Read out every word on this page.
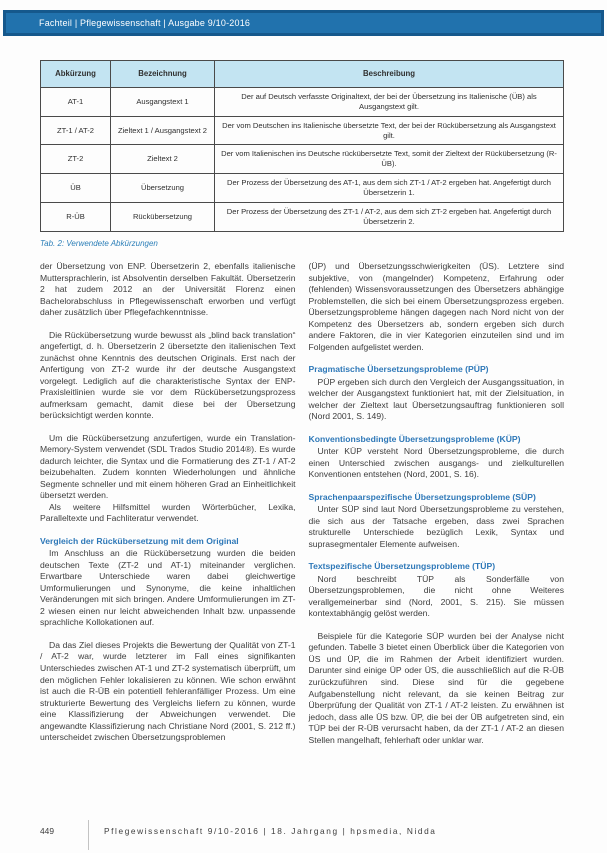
Fachteil | Pflegewissenschaft | Ausgabe 9/10-2016
Abkürzung	Bezeichnung	Beschreibung
AT-1	Ausgangstext 1	Der auf Deutsch verfasste Originaltext, der bei der Übersetzung ins Italienische (ÜB) als Ausgangstext gilt.
ZT-1 / AT-2	Zieltext 1 / Ausgangstext 2	Der vom Deutschen ins Italienische übersetzte Text, der bei der Rückübersetzung als Ausgangstext gilt.
ZT-2	Zieltext 2	Der vom Italienischen ins Deutsche rückübersetzte Text, somit der Zieltext der Rückübersetzung (R-ÜB).
ÜB	Übersetzung	Der Prozess der Übersetzung des AT-1, aus dem sich ZT-1 / AT-2 ergeben hat. Angefertigt durch Übersetzerin 1.
R-ÜB	Rückübersetzung	Der Prozess der Übersetzung des ZT-1 / AT-2, aus dem sich ZT-2 ergeben hat. Angefertigt durch Übersetzerin 2.
Tab. 2: Verwendete Abkürzungen

der Übersetzung von ENP. Übersetzerin 2, ebenfalls italienische Muttersprachlerin, ist Absolventin derselben Fakultät. Übersetzerin 2 hat zudem 2012 an der Universität Florenz einen Bachelorabschluss in Pflegewissenschaft erworben und verfügt daher zusätzlich über Pflegefachkenntnisse.

Die Rückübersetzung wurde bewusst als „blind back translation“ angefertigt, d. h. Übersetzerin 2 übersetzte den italienischen Text zunächst ohne Kenntnis des deutschen Originals. Erst nach der Anfertigung von ZT-2 wurde ihr der deutsche Ausgangstext vorgelegt. Lediglich auf die charakteristische Syntax der ENP-Praxisleitlinien wurde sie vor dem Rückübersetzungsprozess aufmerksam gemacht, damit diese bei der Übersetzung berücksichtigt werden konnte.

Um die Rückübersetzung anzufertigen, wurde ein Translation-Memory-System verwendet (SDL Trados Studio 2014®). Es wurde dadurch leichter, die Syntax und die Formatierung des ZT-1 / AT-2 beizubehalten. Zudem konnten Wiederholungen und ähnliche Segmente schneller und mit einem höheren Grad an Einheitlichkeit übersetzt werden.

Als weitere Hilfsmittel wurden Wörterbücher, Lexika, Paralleltexte und Fachliteratur verwendet.

Vergleich der Rückübersetzung mit dem Original

Im Anschluss an die Rückübersetzung wurden die beiden deutschen Texte (ZT-2 und AT-1) miteinander verglichen. Erwartbare Unterschiede waren dabei gleichwertige Umformulierungen und Synonyme, die keine inhaltlichen Veränderungen mit sich bringen. Andere Umformulierungen im ZT-2 wiesen einen nur leicht abweichenden Inhalt bzw. unpassende sprachliche Kollokationen auf.

Da das Ziel dieses Projekts die Bewertung der Qualität von ZT-1 / AT-2 war, wurde letzterer im Fall eines signifikanten Unterschiedes zwischen AT-1 und ZT-2 systematisch überprüft, um den möglichen Fehler lokalisieren zu können. Wie schon erwähnt ist auch die R-ÜB ein potentiell fehleranfälliger Prozess. Um eine strukturierte Bewertung des Vergleichs liefern zu können, wurde eine Klassifizierung der Abweichungen verwendet. Die angewandte Klassifizierung nach Christiane Nord (2001, S. 212 ff.) unterscheidet zwischen Übersetzungsproblemen

(ÜP) und Übersetzungsschwierigkeiten (ÜS). Letztere sind subjektive, von (mangelnder) Kompetenz, Erfahrung oder (fehlenden) Wissensvoraussetzungen des Übersetzers abhängige Problemstellen, die sich bei einem Übersetzungsprozess ergeben. Übersetzungsprobleme hängen dagegen nach Nord nicht von der Kompetenz des Übersetzers ab, sondern ergeben sich durch andere Faktoren, die in vier Kategorien einzuteilen sind und im Folgenden aufgelistet werden.

Pragmatische Übersetzungsprobleme (PÜP)

PÜP ergeben sich durch den Vergleich der Ausgangssituation, in welcher der Ausgangstext funktioniert hat, mit der Zielsituation, in welcher der Zieltext laut Übersetzungsauftrag funktionieren soll (Nord 2001, S. 149).

Konventionsbedingte Übersetzungsprobleme (KÜP)

Unter KÜP versteht Nord Übersetzungsprobleme, die durch einen Unterschied zwischen ausgangs- und zielkulturellen Konventionen entstehen (Nord, 2001, S. 16).

Sprachenpaarspezifische Übersetzungsprobleme (SÜP)

Unter SÜP sind laut Nord Übersetzungsprobleme zu verstehen, die sich aus der Tatsache ergeben, dass zwei Sprachen strukturelle Unterschiede bezüglich Lexik, Syntax und suprasegmentaler Elemente aufweisen.

Textspezifische Übersetzungsprobleme (TÜP)

Nord beschreibt TÜP als Sonderfälle von Übersetzungsproblemen, die nicht ohne Weiteres verallgemeinerbar sind (Nord, 2001, S. 215). Sie müssen kontextabhängig gelöst werden.

Beispiele für die Kategorie SÜP wurden bei der Analyse nicht gefunden. Tabelle 3 bietet einen Überblick über die Kategorien von ÜS und ÜP, die im Rahmen der Arbeit identifiziert wurden. Darunter sind einige ÜP oder ÜS, die ausschließlich auf die R-ÜB zurückzuführen sind. Diese sind für die gegebene Aufgabenstellung nicht relevant, da sie keinen Beitrag zur Überprüfung der Qualität von ZT-1 / AT-2 leisten. Zu erwähnen ist jedoch, dass alle ÜS bzw. ÜP, die bei der ÜB aufgetreten sind, ein TÜP bei der R-ÜB verursacht haben, da der ZT-1 / AT-2 an diesen Stellen mangelhaft, fehlerhaft oder unklar war.

449	Pflegewissenschaft 9/10-2016 | 18. Jahrgang | hpsmedia, Nidda
